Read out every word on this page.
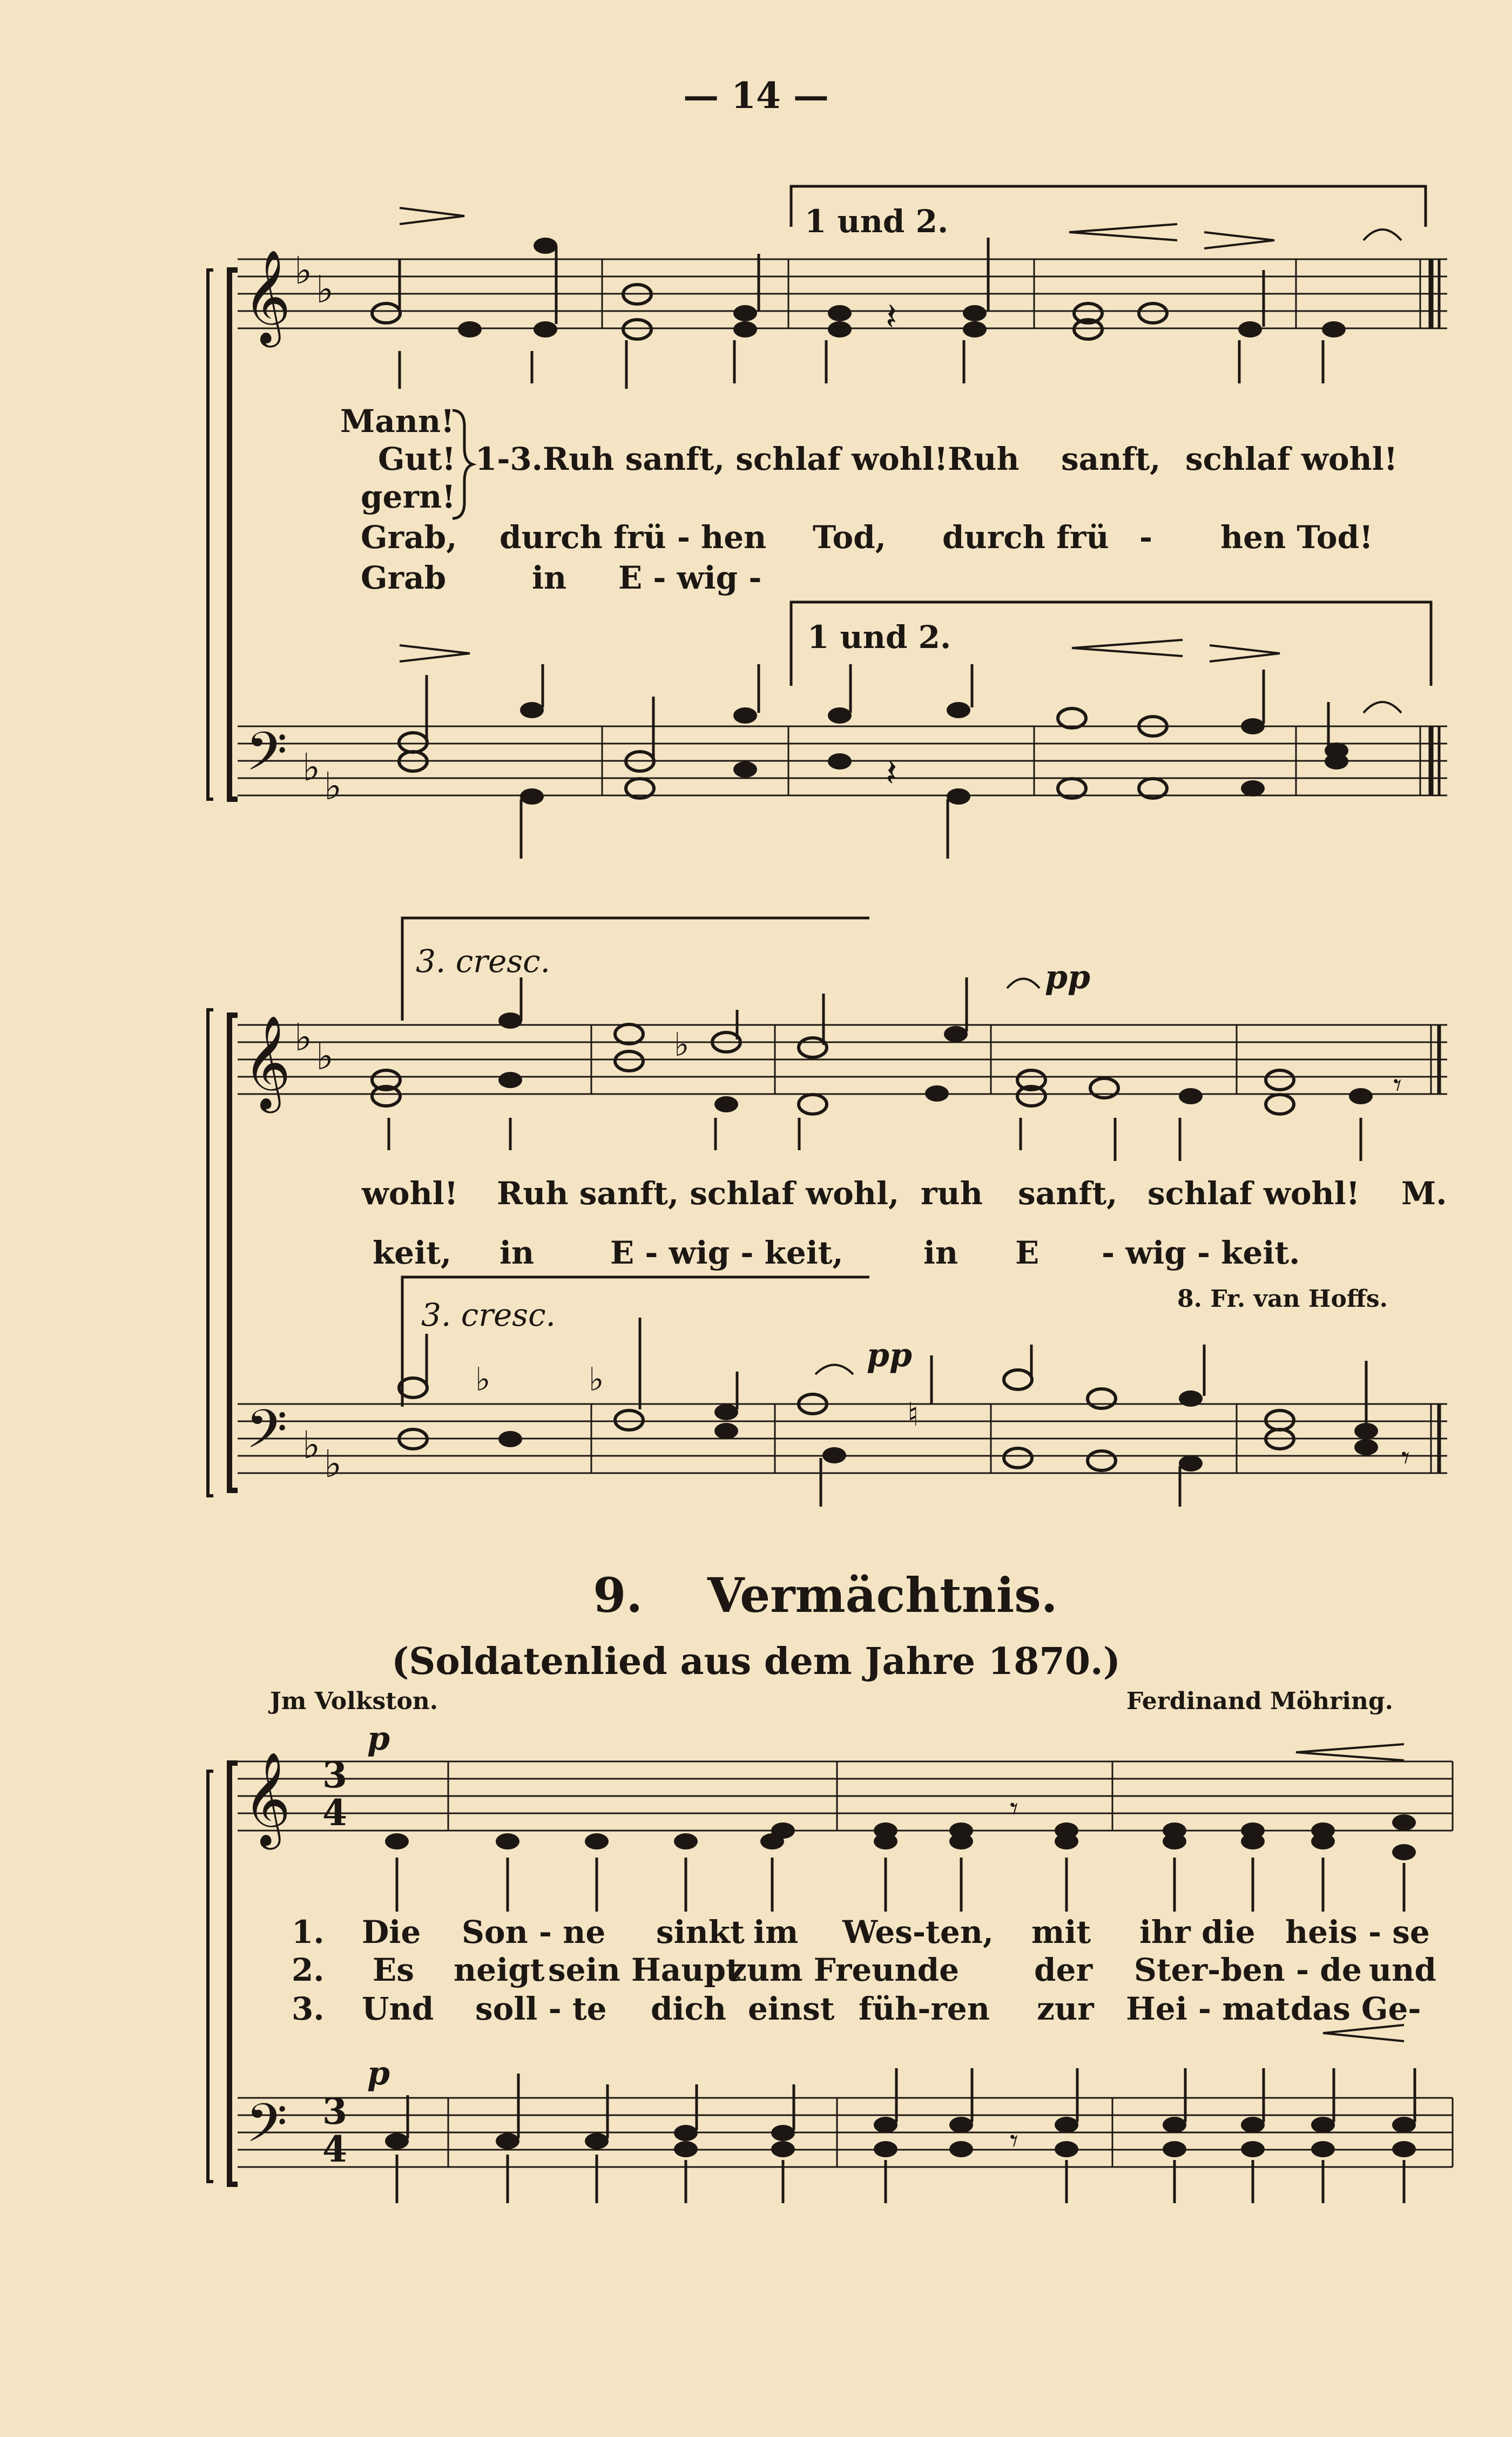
— 14 —
𝄞 ♭ ♭
1 und 2.
𝄽
Mann!
Gut! 1-3.Ruh sanft, schlaf wohl! Ruh sanft, schlaf wohl!
gern!
Grab, durch frü - hen Tod, durch frü - hen Tod!
Grab	in E - wig -
𝄢 ♭ ♭
1 und 2.
𝄽
3. cresc.	pp
𝄞 ♭ ♭	♭
𝄾
wohl! Ruh sanft, schlaf wohl, ruh sanft, schlaf wohl! M.
keit, in E - wig - keit,	in E - wig - keit.
8. Fr. van Hoffs.
3. cresc.
pp
𝄢 ♭ ♭
♭	♭
♮
𝄾
9. Vermächtnis.
(Soldatenlied aus dem Jahre 1870.)
Jm Volkston.	Ferdinand Möhring.
p
𝄞 3
4	𝄾
1. Die Son - ne sinkt im Wes-ten, mit ihr die heis - se
2. Es neigt sein Haupt
zum Freunde der Ster-ben - de und
3. Und soll - te dich einst füh-ren zur Hei - mat das Ge-
p
𝄢 3
4	𝄾
